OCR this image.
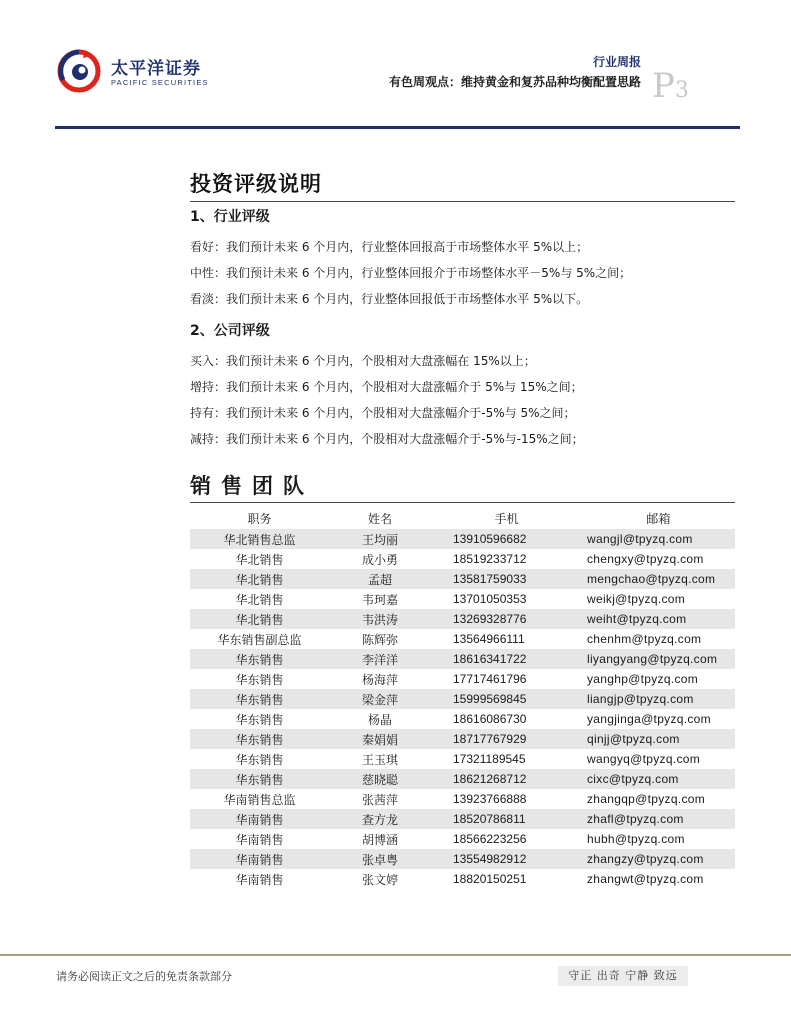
太平洋证券
PACIFIC SECURITIES
行业周报
有色周观点：维持黄金和复苏品种均衡配置思路 P3
投资评级说明
1、行业评级
看好：我们预计未来 6 个月内，行业整体回报高于市场整体水平 5%以上；
中性：我们预计未来 6 个月内，行业整体回报介于市场整体水平－5%与 5%之间；
看淡：我们预计未来 6 个月内，行业整体回报低于市场整体水平 5%以下。
2、公司评级
买入：我们预计未来 6 个月内，个股相对大盘涨幅在 15%以上；
增持：我们预计未来 6 个月内，个股相对大盘涨幅介于 5%与 15%之间；
持有：我们预计未来 6 个月内，个股相对大盘涨幅介于-5%与 5%之间；
减持：我们预计未来 6 个月内，个股相对大盘涨幅介于-5%与-15%之间；
销售团队
职务	姓名	手机	邮箱
华北销售总监	王均丽	13910596682	wangjl@tpyzq.com
华北销售	成小勇	18519233712	chengxy@tpyzq.com
华北销售	孟超	13581759033	mengchao@tpyzq.com
华北销售	韦珂嘉	13701050353	weikj@tpyzq.com
华北销售	韦洪涛	13269328776	weiht@tpyzq.com
华东销售副总监	陈辉弥	13564966111	chenhm@tpyzq.com
华东销售	李洋洋	18616341722	liyangyang@tpyzq.com
华东销售	杨海萍	17717461796	yanghp@tpyzq.com
华东销售	梁金萍	15999569845	liangjp@tpyzq.com
华东销售	杨晶	18616086730	yangjinga@tpyzq.com
华东销售	秦娟娟	18717767929	qinjj@tpyzq.com
华东销售	王玉琪	17321189545	wangyq@tpyzq.com
华东销售	慈晓聪	18621268712	cixc@tpyzq.com
华南销售总监	张茜萍	13923766888	zhangqp@tpyzq.com
华南销售	查方龙	18520786811	zhafl@tpyzq.com
华南销售	胡博涵	18566223256	hubh@tpyzq.com
华南销售	张卓粤	13554982912	zhangzy@tpyzq.com
华南销售	张文婷	18820150251	zhangwt@tpyzq.com
请务必阅读正文之后的免责条款部分	守正 出奇 宁静 致远
